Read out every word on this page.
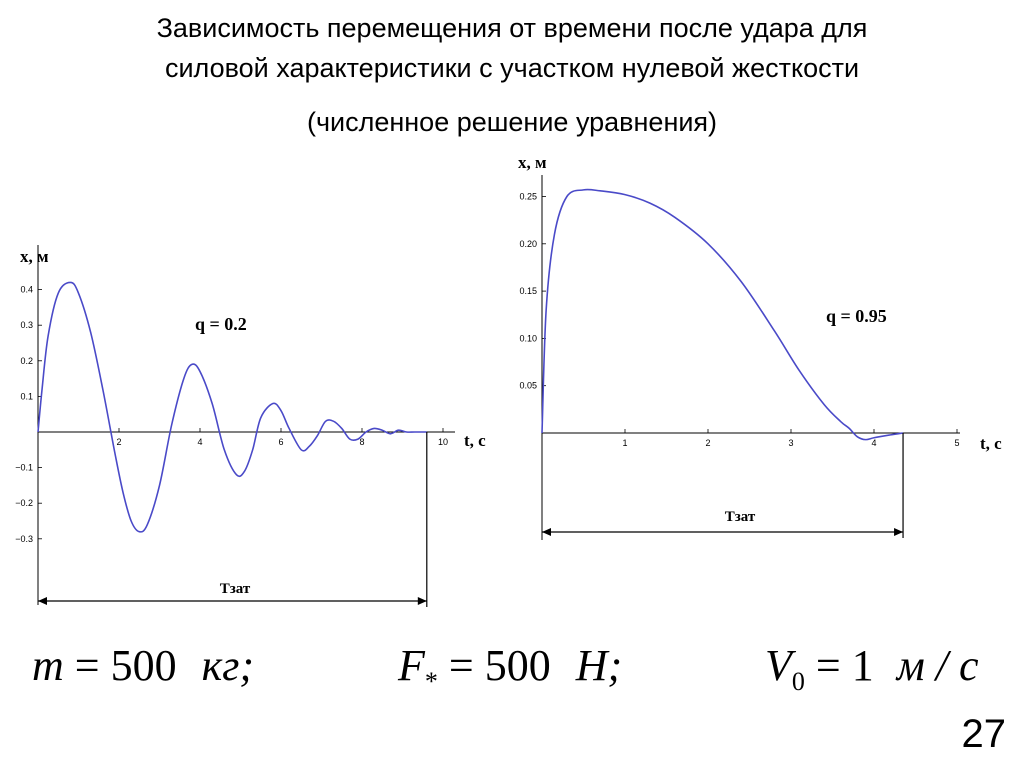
Зависимость перемещения от времени после удара для
силовой характеристики с участком нулевой жесткости
(численное решение уравнения)
2	4	6	8	10
0.4
0.3
0.2
0.1
−0.1
−0.2
−0.3
x, м
t, c
q = 0.2
Tзат
1	2	3	4	5
0.25
0.20
0.15
0.10
0.05
x, м
t, c
q = 0.95
Tзат
m = 500 кг;	$F_* = 500$ Н;	$V_0 = 1$ м / с
27
